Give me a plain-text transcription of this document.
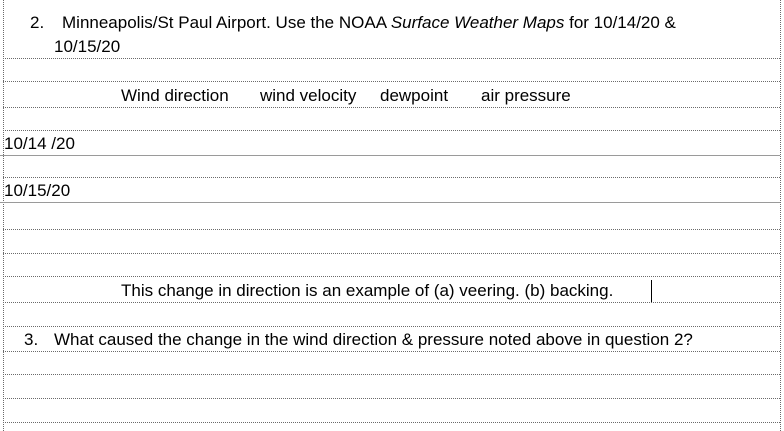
2. Minneapolis/St Paul Airport. Use the NOAA Surface Weather Maps for 10/14/20 &
10/15/20
Wind direction wind velocity dewpoint air pressure
10/14 /20
10/15/20
This change in direction is an example of (a) veering. (b) backing.
3. What caused the change in the wind direction & pressure noted above in question 2?
